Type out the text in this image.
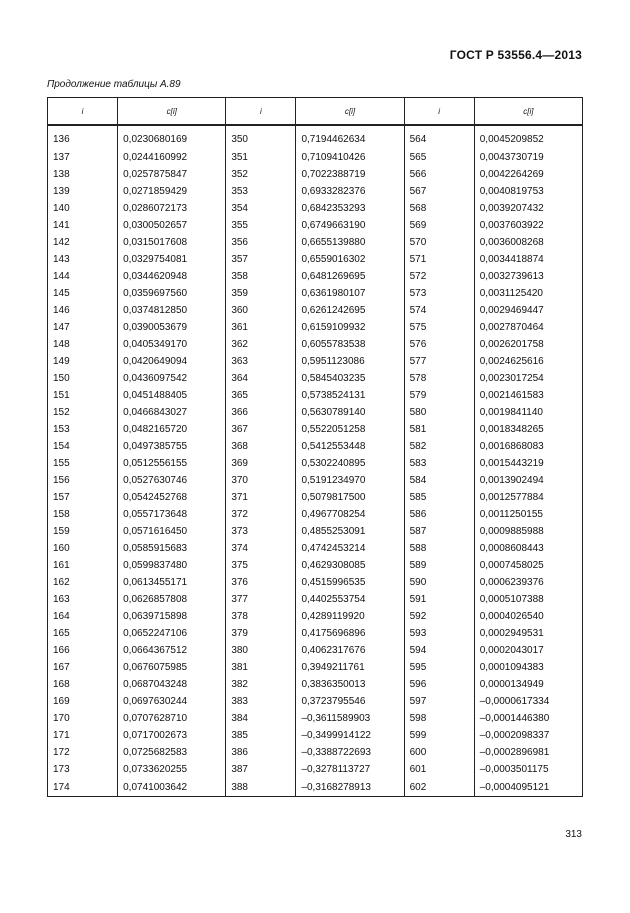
ГОСТ Р 53556.4—2013
Продолжение таблицы А.89
i	c[i]	i	c[i]	i	c[i]
136	0,0230680169	350	0,7194462634	564	0,0045209852
137	0,0244160992	351	0,7109410426	565	0,0043730719
138	0,0257875847	352	0,7022388719	566	0,0042264269
139	0,0271859429	353	0,6933282376	567	0,0040819753
140	0,0286072173	354	0,6842353293	568	0,0039207432
141	0,0300502657	355	0,6749663190	569	0,0037603922
142	0,0315017608	356	0,6655139880	570	0,0036008268
143	0,0329754081	357	0,6559016302	571	0,0034418874
144	0,0344620948	358	0,6481269695	572	0,0032739613
145	0,0359697560	359	0,6361980107	573	0,0031125420
146	0,0374812850	360	0,6261242695	574	0,0029469447
147	0,0390053679	361	0,6159109932	575	0,0027870464
148	0,0405349170	362	0,6055783538	576	0,0026201758
149	0,0420649094	363	0,5951123086	577	0,0024625616
150	0,0436097542	364	0,5845403235	578	0,0023017254
151	0,0451488405	365	0,5738524131	579	0,0021461583
152	0,0466843027	366	0,5630789140	580	0,0019841140
153	0,0482165720	367	0,5522051258	581	0,0018348265
154	0,0497385755	368	0,5412553448	582	0,0016868083
155	0,0512556155	369	0,5302240895	583	0,0015443219
156	0,0527630746	370	0,5191234970	584	0,0013902494
157	0,0542452768	371	0,5079817500	585	0,0012577884
158	0,0557173648	372	0,4967708254	586	0,0011250155
159	0,0571616450	373	0,4855253091	587	0,0009885988
160	0,0585915683	374	0,4742453214	588	0,0008608443
161	0,0599837480	375	0,4629308085	589	0,0007458025
162	0,0613455171	376	0,4515996535	590	0,0006239376
163	0,0626857808	377	0,4402553754	591	0,0005107388
164	0,0639715898	378	0,4289119920	592	0,0004026540
165	0,0652247106	379	0,4175696896	593	0,0002949531
166	0,0664367512	380	0,4062317676	594	0,0002043017
167	0,0676075985	381	0,3949211761	595	0,0001094383
168	0,0687043248	382	0,3836350013	596	0,0000134949
169	0,0697630244	383	0,3723795546	597	–0,0000617334
170	0,0707628710	384	–0,3611589903	598	–0,0001446380
171	0,0717002673	385	–0,3499914122	599	–0,0002098337
172	0,0725682583	386	–0,3388722693	600	–0,0002896981
173	0,0733620255	387	–0,3278113727	601	–0,0003501175
174	0,0741003642	388	–0,3168278913	602	–0,0004095121
313
